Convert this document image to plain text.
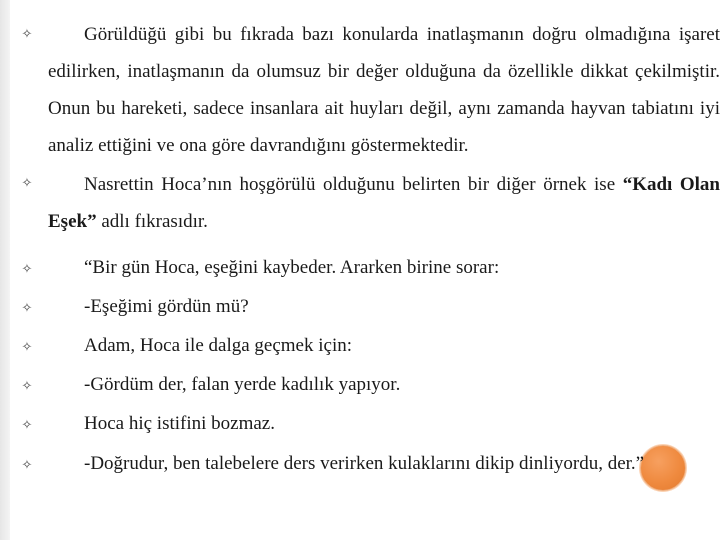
✧	Görüldüğü gibi bu fıkrada bazı konularda inatlaşmanın doğru olmadığına işaret edilirken, inatlaşmanın da olumsuz bir değer olduğuna da özellikle dikkat çekilmiştir. Onun bu hareketi, sadece insanlara ait huyları değil, aynı zamanda hayvan tabiatını iyi analiz ettiğini ve ona göre davrandığını göstermektedir.
✧	Nasrettin Hoca’nın hoşgörülü olduğunu belirten bir diğer örnek ise “Kadı Olan Eşek” adlı fıkrasıdır.
✧	“Bir gün Hoca, eşeğini kaybeder. Ararken birine sorar:
✧	-Eşeğimi gördün mü?
✧	Adam, Hoca ile dalga geçmek için:
✧	-Gördüm der, falan yerde kadılık yapıyor.
✧	Hoca hiç istifini bozmaz.
✧	-Doğrudur, ben talebelere ders verirken kulaklarını dikip dinliyordu, der.”
